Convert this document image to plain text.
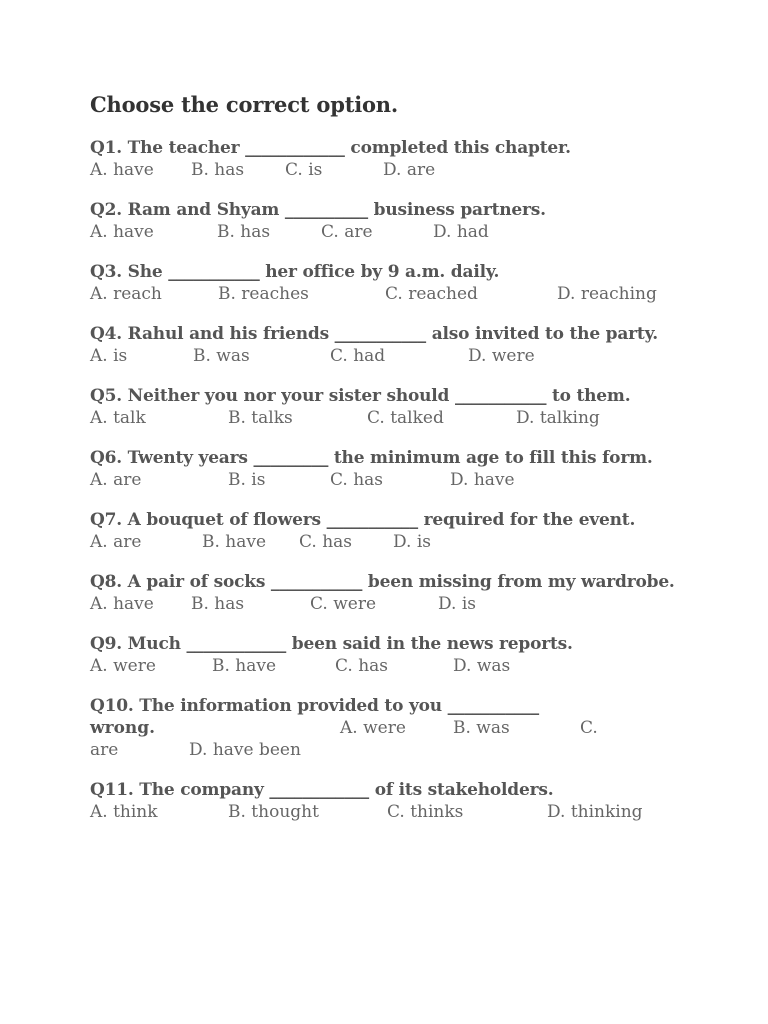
Choose the correct option.
Q1. The teacher ____________ completed this chapter.
A. have B. has C. is	D. are
Q2. Ram and Shyam __________ business partners.
A. have	B. has	C. are	D. had
Q3. She ___________ her office by 9 a.m. daily.
A. reach	B. reaches	C. reached	D. reaching
Q4. Rahul and his friends ___________ also invited to the party.
A. is	B. was	C. had	D. were
Q5. Neither you nor your sister should ___________ to them.
A. talk	B. talks	C. talked	D. talking
Q6. Twenty years _________ the minimum age to fill this form.
A. are	B. is	C. has	D. have
Q7. A bouquet of flowers ___________ required for the event.
A. are	B. have C. has D. is
Q8. A pair of socks ___________ been missing from my wardrobe.
A. have B. has	C. were	D. is
Q9. Much ____________ been said in the news reports.
A. were	B. have	C. has	D. was
Q10. The information provided to you ___________
wrong.	A. were	B. was	C.
are	D. have been
Q11. The company ____________ of its stakeholders.
A. think	B. thought	C. thinks	D. thinking
